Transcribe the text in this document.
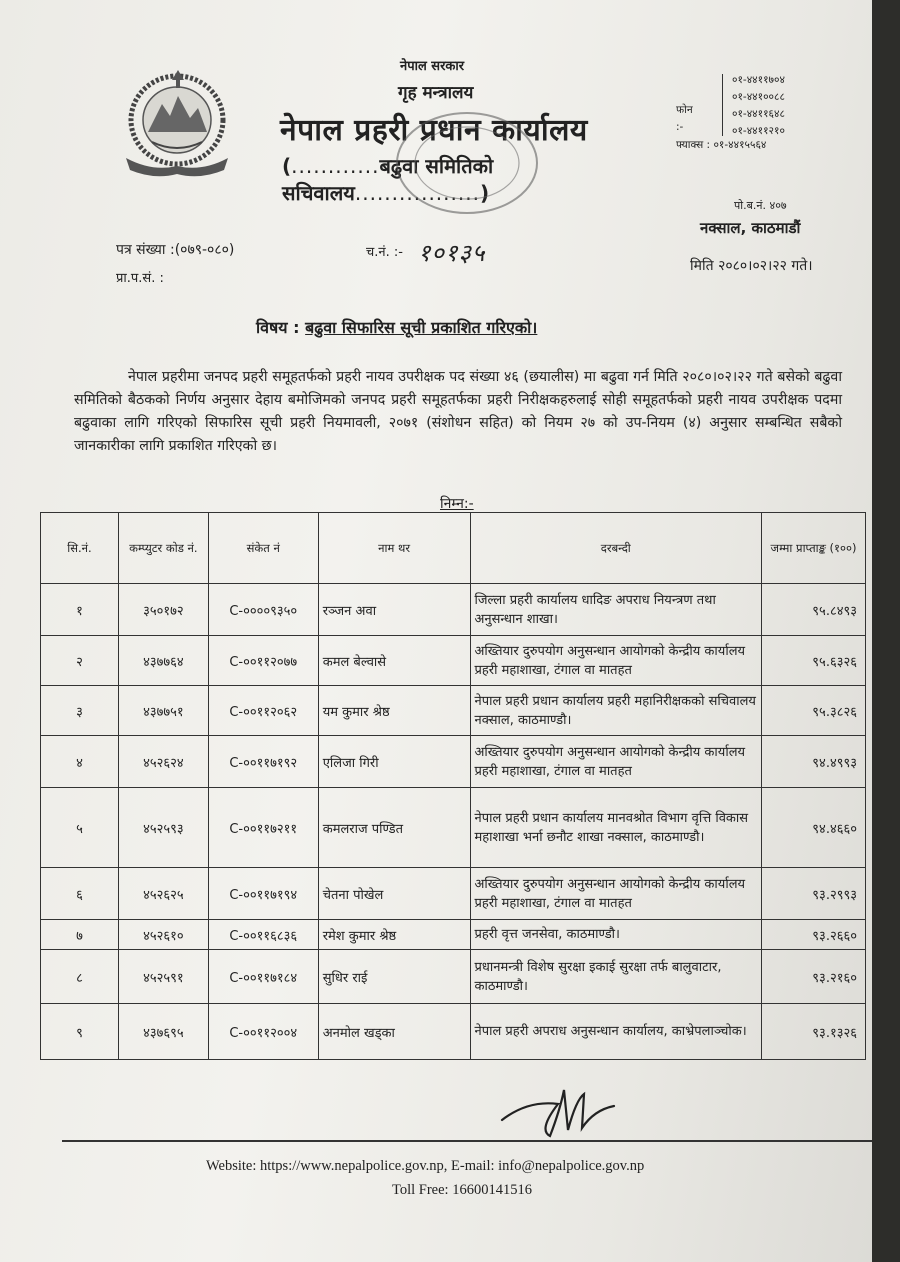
नेपाल सरकार
गृह मन्त्रालय
नेपाल प्रहरी प्रधान कार्यालय
(............बढुवा समितिको सचिवालय.................)
फोन :-
०१-४४११७०४
०१-४४१००८८
०१-४४११६४८
०१-४४११२१०
फ्याक्स : ०१-४४१५५६४
पो.ब.नं. ४०७
नक्साल, काठमाडौं
मिति २०८०।०२।२२ गते।
पत्र संख्या :(०७९-०८०)	च.नं. :- १०१३५
प्रा.प.सं. :
विषय : बढुवा सिफारिस सूची प्रकाशित गरिएको।
नेपाल प्रहरीमा जनपद प्रहरी समूहतर्फको प्रहरी नायव उपरीक्षक पद संख्या ४६ (छयालीस) मा बढुवा गर्न मिति २०८०।०२।२२ गते बसेको बढुवा समितिको बैठकको निर्णय अनुसार देहाय बमोजिमको जनपद प्रहरी समूहतर्फका प्रहरी निरीक्षकहरुलाई सोही समूहतर्फको प्रहरी नायव उपरीक्षक पदमा बढुवाका लागि गरिएको सिफारिस सूची प्रहरी नियमावली, २०७१ (संशोधन सहित) को नियम २७ को उप-नियम (४) अनुसार सम्बन्धित सबैको जानकारीका लागि प्रकाशित गरिएको छ।
निम्न:-
सि.नं.	कम्प्युटर कोड नं.	संकेत नं	नाम थर	दरबन्दी	जम्मा प्राप्ताङ्क (१००)
१	३५०१७२	C-००००९३५०	रञ्जन अवा	जिल्ला प्रहरी कार्यालय धादिङ अपराध नियन्त्रण तथा अनुसन्धान शाखा।	९५.८४९३
२	४३७७६४	C-००११२०७७	कमल बेल्वासे	अख्तियार दुरुपयोग अनुसन्धान आयोगको केन्द्रीय कार्यालय प्रहरी महाशाखा, टंगाल वा मातहत	९५.६३२६
३	४३७७५१	C-००११२०६२	यम कुमार श्रेष्ठ	नेपाल प्रहरी प्रधान कार्यालय प्रहरी महानिरीक्षकको सचिवालय नक्साल, काठमाण्डौ।	९५.३८२६
४	४५२६२४	C-००११७१९२	एलिजा गिरी	अख्तियार दुरुपयोग अनुसन्धान आयोगको केन्द्रीय कार्यालय प्रहरी महाशाखा, टंगाल वा मातहत	९४.४९९३
५	४५२५९३	C-००११७२११	कमलराज पण्डित	नेपाल प्रहरी प्रधान कार्यालय मानवश्रोत विभाग वृत्ति विकास महाशाखा भर्ना छनौट शाखा नक्साल, काठमाण्डौ।	९४.४६६०
६	४५२६२५	C-००११७१९४	चेतना पोखेल	अख्तियार दुरुपयोग अनुसन्धान आयोगको केन्द्रीय कार्यालय प्रहरी महाशाखा, टंगाल वा मातहत	९३.२९९३
७	४५२६१०	C-००११६८३६	रमेश कुमार श्रेष्ठ	प्रहरी वृत्त जनसेवा, काठमाण्डौ।	९३.२६६०
८	४५२५९१	C-००११७१८४	सुधिर राई	प्रधानमन्त्री विशेष सुरक्षा इकाई सुरक्षा तर्फ बालुवाटार, काठमाण्डौ।	९३.२१६०
९	४३७६९५	C-००११२००४	अनमोल खड्का	नेपाल प्रहरी अपराध अनुसन्धान कार्यालय, काभ्रेपलाञ्चोक।	९३.१३२६
Website: https://www.nepalpolice.gov.np, E-mail: info@nepalpolice.gov.np
Toll Free: 16600141516
